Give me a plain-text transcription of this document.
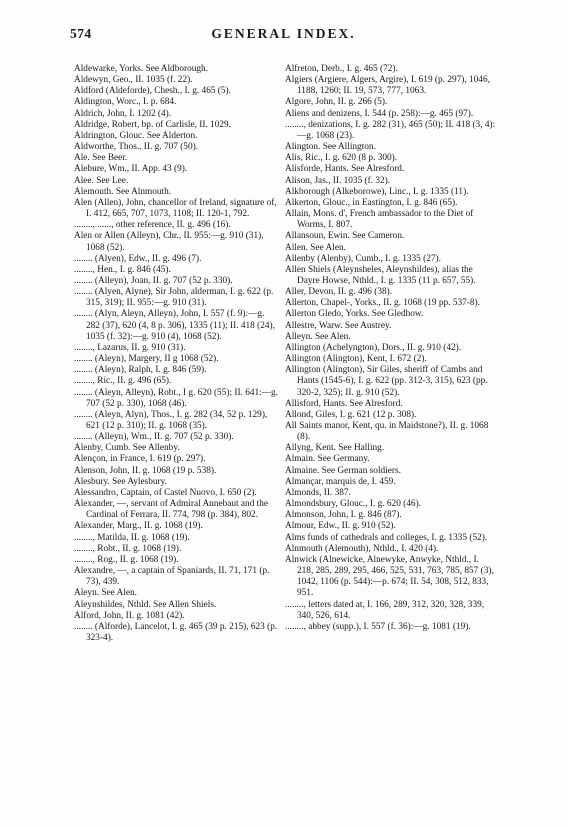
574	GENERAL INDEX.

Aldewarke, Yorks. See Aldborough.

Aldewyn, Geo., II. 1035 (f. 22).

Aldford (Aldeforde), Chesh., I. g. 465 (5).

Aldington, Worc., I. p. 684.

Aldrich, John, I. 1202 (4).

Aldridge, Robert, bp. of Carlisle, II. 1029.

Aldrington, Glouc. See Alderton.

Aldworthe, Thos., II. g. 707 (50).

Ale. See Beer.

Alebure, Wm., II. App. 43 (9).

Alee. See Lee.

Alemouth. See Alnmouth.

Alen (Allen), John, chancellor of Ireland, signature of, I. 412, 665, 707, 1073, 1108; II. 120-1, 792.

........, ......, other reference, II. g. 496 (16).

Alen or Allen (Alleyn), Chr., II. 955:—g. 910 (31), 1068 (52).

........ (Alyen), Edw., II. g. 496 (7).

........, Hen., I. g. 846 (45).

........ (Alleyn), Joan, II. g. 707 (52 p. 330).

........ (Alyen, Alyne), Sir John, alderman, I. g. 622 (p. 315, 319); II. 955:—g. 910 (31).

........ (Alyn, Aleyn, Alleyn), John, I. 557 (f. 9):—g. 282 (37), 620 (4, 8 p. 306), 1335 (11); II. 418 (24), 1035 (f. 32):—g. 910 (4), 1068 (52).

........, Lazarus, II. g. 910 (31).

........ (Aleyn), Margery, II g 1068 (52).

........ (Aleyn), Ralph, I. g. 846 (59).

........, Ric., II. g. 496 (65).

........ (Aleyn, Alleyn), Robt., I g. 620 (55); II. 641:—g. 707 (52 p. 330), 1068 (46).

........ (Aleyn, Alyn), Thos., I. g. 282 (34, 52 p. 129), 621 (12 p. 310); II. g. 1068 (35).

........ (Alleyn), Wm., II. g. 707 (52 p. 330).

Alenby, Cumb. See Allenby.

Alençon, in France, I. 619 (p. 297).

Alenson, John, II. g. 1068 (19 p. 538).

Alesbury. See Aylesbury.

Alessandro, Captain, of Castel Nuovo, I. 650 (2).

Alexander, —, servant of Admiral Annebaut and the Cardinal of Ferrara, II. 774, 798 (p. 384), 802.

Alexander, Marg., II. g. 1068 (19).

........, Matilda, II. g. 1068 (19).

........, Robt., II. g. 1068 (19).

........, Rog., II. g. 1068 (19).

Alexandre, —, a captain of Spaniards, II. 71, 171 (p. 73), 439.

Aleyn. See Alen.

Aleynshildes, Nthld. See Allen Shiels.

Alford, John, II. g. 1081 (42).

........ (Alforde), Lancelot, I. g. 465 (39 p. 215), 623 (p. 323-4).

Alfreton, Derb., I. g. 465 (72).

Algiers (Argiere, Algers, Argire), I. 619 (p. 297), 1046, 1188, 1260; II. 19, 573, 777, 1063.

Algore, John, II. g. 266 (5).

Aliens and denizens, I. 544 (p. 258):—g. 465 (97).

........, denizations, I. g. 282 (31), 465 (50); II. 418 (3, 4):—g. 1068 (23).

Alington. See Allington.

Alis, Ric., I. g. 620 (8 p. 300).

Alisforde, Hants. See Alresford.

Alison, Jas., II. 1035 (f. 32).

Alkborough (Alkeborowe), Linc., I. g. 1335 (11).

Alkerton, Glouc., in Eastington, I. g. 846 (65).

Allain, Mons. d', French ambassador to the Diet of Worms, I. 807.

Allansoun, Ewin. See Cameron.

Allen. See Alen.

Allenby (Alenby), Cumb., I. g. 1335 (27).

Allen Shiels (Aleynsheles, Aleynshildes), alias the Dayre Howse, Nthld., I. g. 1335 (11 p. 657, 55).

Aller, Devon, II. g. 496 (38).

Allerton, Chapel-, Yorks., II. g. 1068 (19 pp. 537-8).

Allerton Gledo, Yorks. See Gledhow.

Allestre, Warw. See Austrey.

Alleyn. See Alen.

Allington (Achelyngton), Dors., II. g. 910 (42).

Allington (Alington), Kent, I. 672 (2).

Allington (Alington), Sir Giles, sheriff of Cambs and Hants (1545-6), I. g. 622 (pp. 312-3, 315), 623 (pp. 320-2, 325); II. g. 910 (52).

Allisford, Hants. See Alresford.

Allond, Giles, I. g. 621 (12 p. 308).

All Saints manor, Kent, qu. in Maidstone?), II. g. 1068 (8).

Allyng, Kent. See Halling.

Almain. See Germany.

Almaine. See German soldiers.

Almançar, marquis de, I. 459.

Almonds, II. 387.

Almondsbury, Glouc., I. g. 620 (46).

Almonson, John, I. g. 846 (87).

Almour, Edw., II. g. 910 (52).

Alms funds of cathedrals and colleges, I. g. 1335 (52).

Alnmouth (Alemouth), Nthld., I. 420 (4).

Alnwick (Alnewicke, Alnewyke, Anwyke, Nthld., I. 218, 285, 289, 295, 466, 525, 531, 763, 785, 857 (3), 1042, 1106 (p. 544):—p. 674; II. 54, 308, 512, 833, 951.

........, letters dated at, I. 166, 289, 312, 320, 328, 339, 340, 526, 614.

........, abbey (supp.), I. 557 (f. 36):—g. 1081 (19).
